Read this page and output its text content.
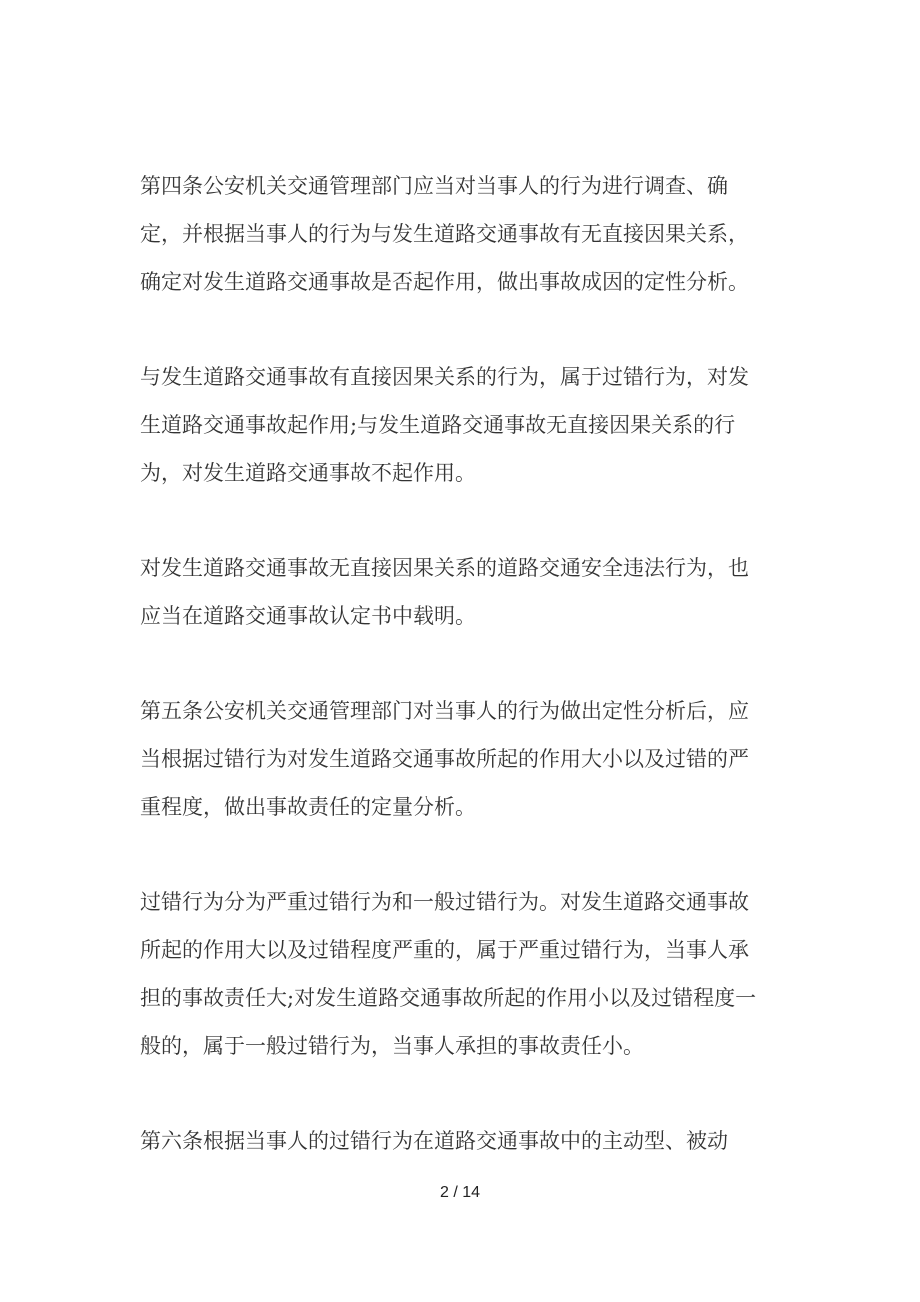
第四条公安机关交通管理部门应当对当事人的行为进行调查、确
定，并根据当事人的行为与发生道路交通事故有无直接因果关系，
确定对发生道路交通事故是否起作用，做出事故成因的定性分析。

与发生道路交通事故有直接因果关系的行为，属于过错行为，对发
生道路交通事故起作用;与发生道路交通事故无直接因果关系的行
为，对发生道路交通事故不起作用。

对发生道路交通事故无直接因果关系的道路交通安全违法行为，也
应当在道路交通事故认定书中载明。

第五条公安机关交通管理部门对当事人的行为做出定性分析后，应
当根据过错行为对发生道路交通事故所起的作用大小以及过错的严
重程度，做出事故责任的定量分析。

过错行为分为严重过错行为和一般过错行为。对发生道路交通事故
所起的作用大以及过错程度严重的，属于严重过错行为，当事人承
担的事故责任大;对发生道路交通事故所起的作用小以及过错程度一
般的，属于一般过错行为，当事人承担的事故责任小。

第六条根据当事人的过错行为在道路交通事故中的主动型、被动

2 / 14
